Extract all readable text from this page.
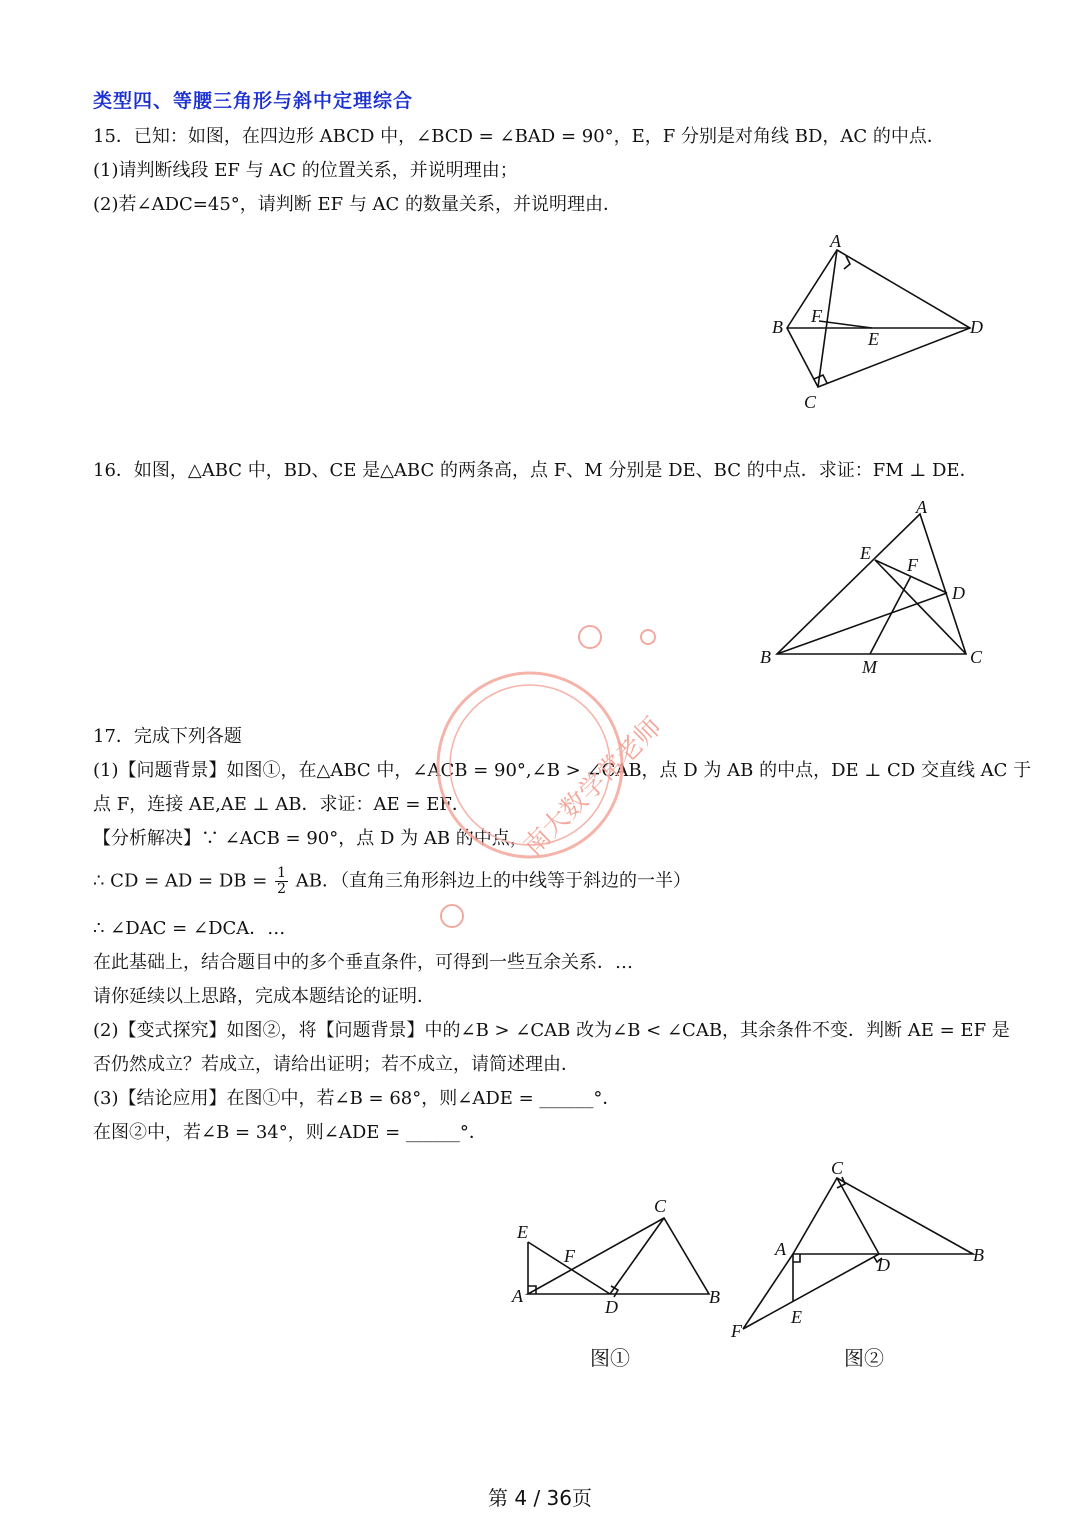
类型四、等腰三角形与斜中定理综合
15．已知：如图，在四边形 ABCD 中，∠BCD = ∠BAD = 90°，E，F 分别是对角线 BD，AC 的中点．
(1)请判断线段 EF 与 AC 的位置关系，并说明理由；
(2)若∠ADC=45°，请判断 EF 与 AC 的数量关系，并说明理由．
A
B
C
D
E
F
16．如图，△ABC 中，BD、CE 是△ABC 的两条高，点 F、M 分别是 DE、BC 的中点．求证：FM ⊥ DE．
A
B	C
D
E
F
M
17．完成下列各题
(1)【问题背景】如图①，在△ABC 中，∠ACB = 90°,∠B > ∠CAB，点 D 为 AB 的中点，DE ⊥ CD 交直线 AC 于
点 F，连接 AE,AE ⊥ AB．求证：AE = EF．
【分析解决】∵ ∠ACB = 90°，点 D 为 AB 的中点，
∴ CD = AD = DB = $\frac{1}{2}$ AB．（直角三角形斜边上的中线等于斜边的一半）
∴ ∠DAC = ∠DCA．…
在此基础上，结合题目中的多个垂直条件，可得到一些互余关系．…
请你延续以上思路，完成本题结论的证明．
(2)【变式探究】如图②，将【问题背景】中的∠B > ∠CAB 改为∠B < ∠CAB，其余条件不变．判断 AE = EF 是
否仍然成立？若成立，请给出证明；若不成立，请简述理由．
(3)【结论应用】在图①中，若∠B = 68°，则∠ADE = ______°．
在图②中，若∠B = 34°，则∠ADE = ______°．
E
F
A
D	B
C
图①
C
A	B
D
E
F
图②
南大数学常老师
第 4 / 36页
